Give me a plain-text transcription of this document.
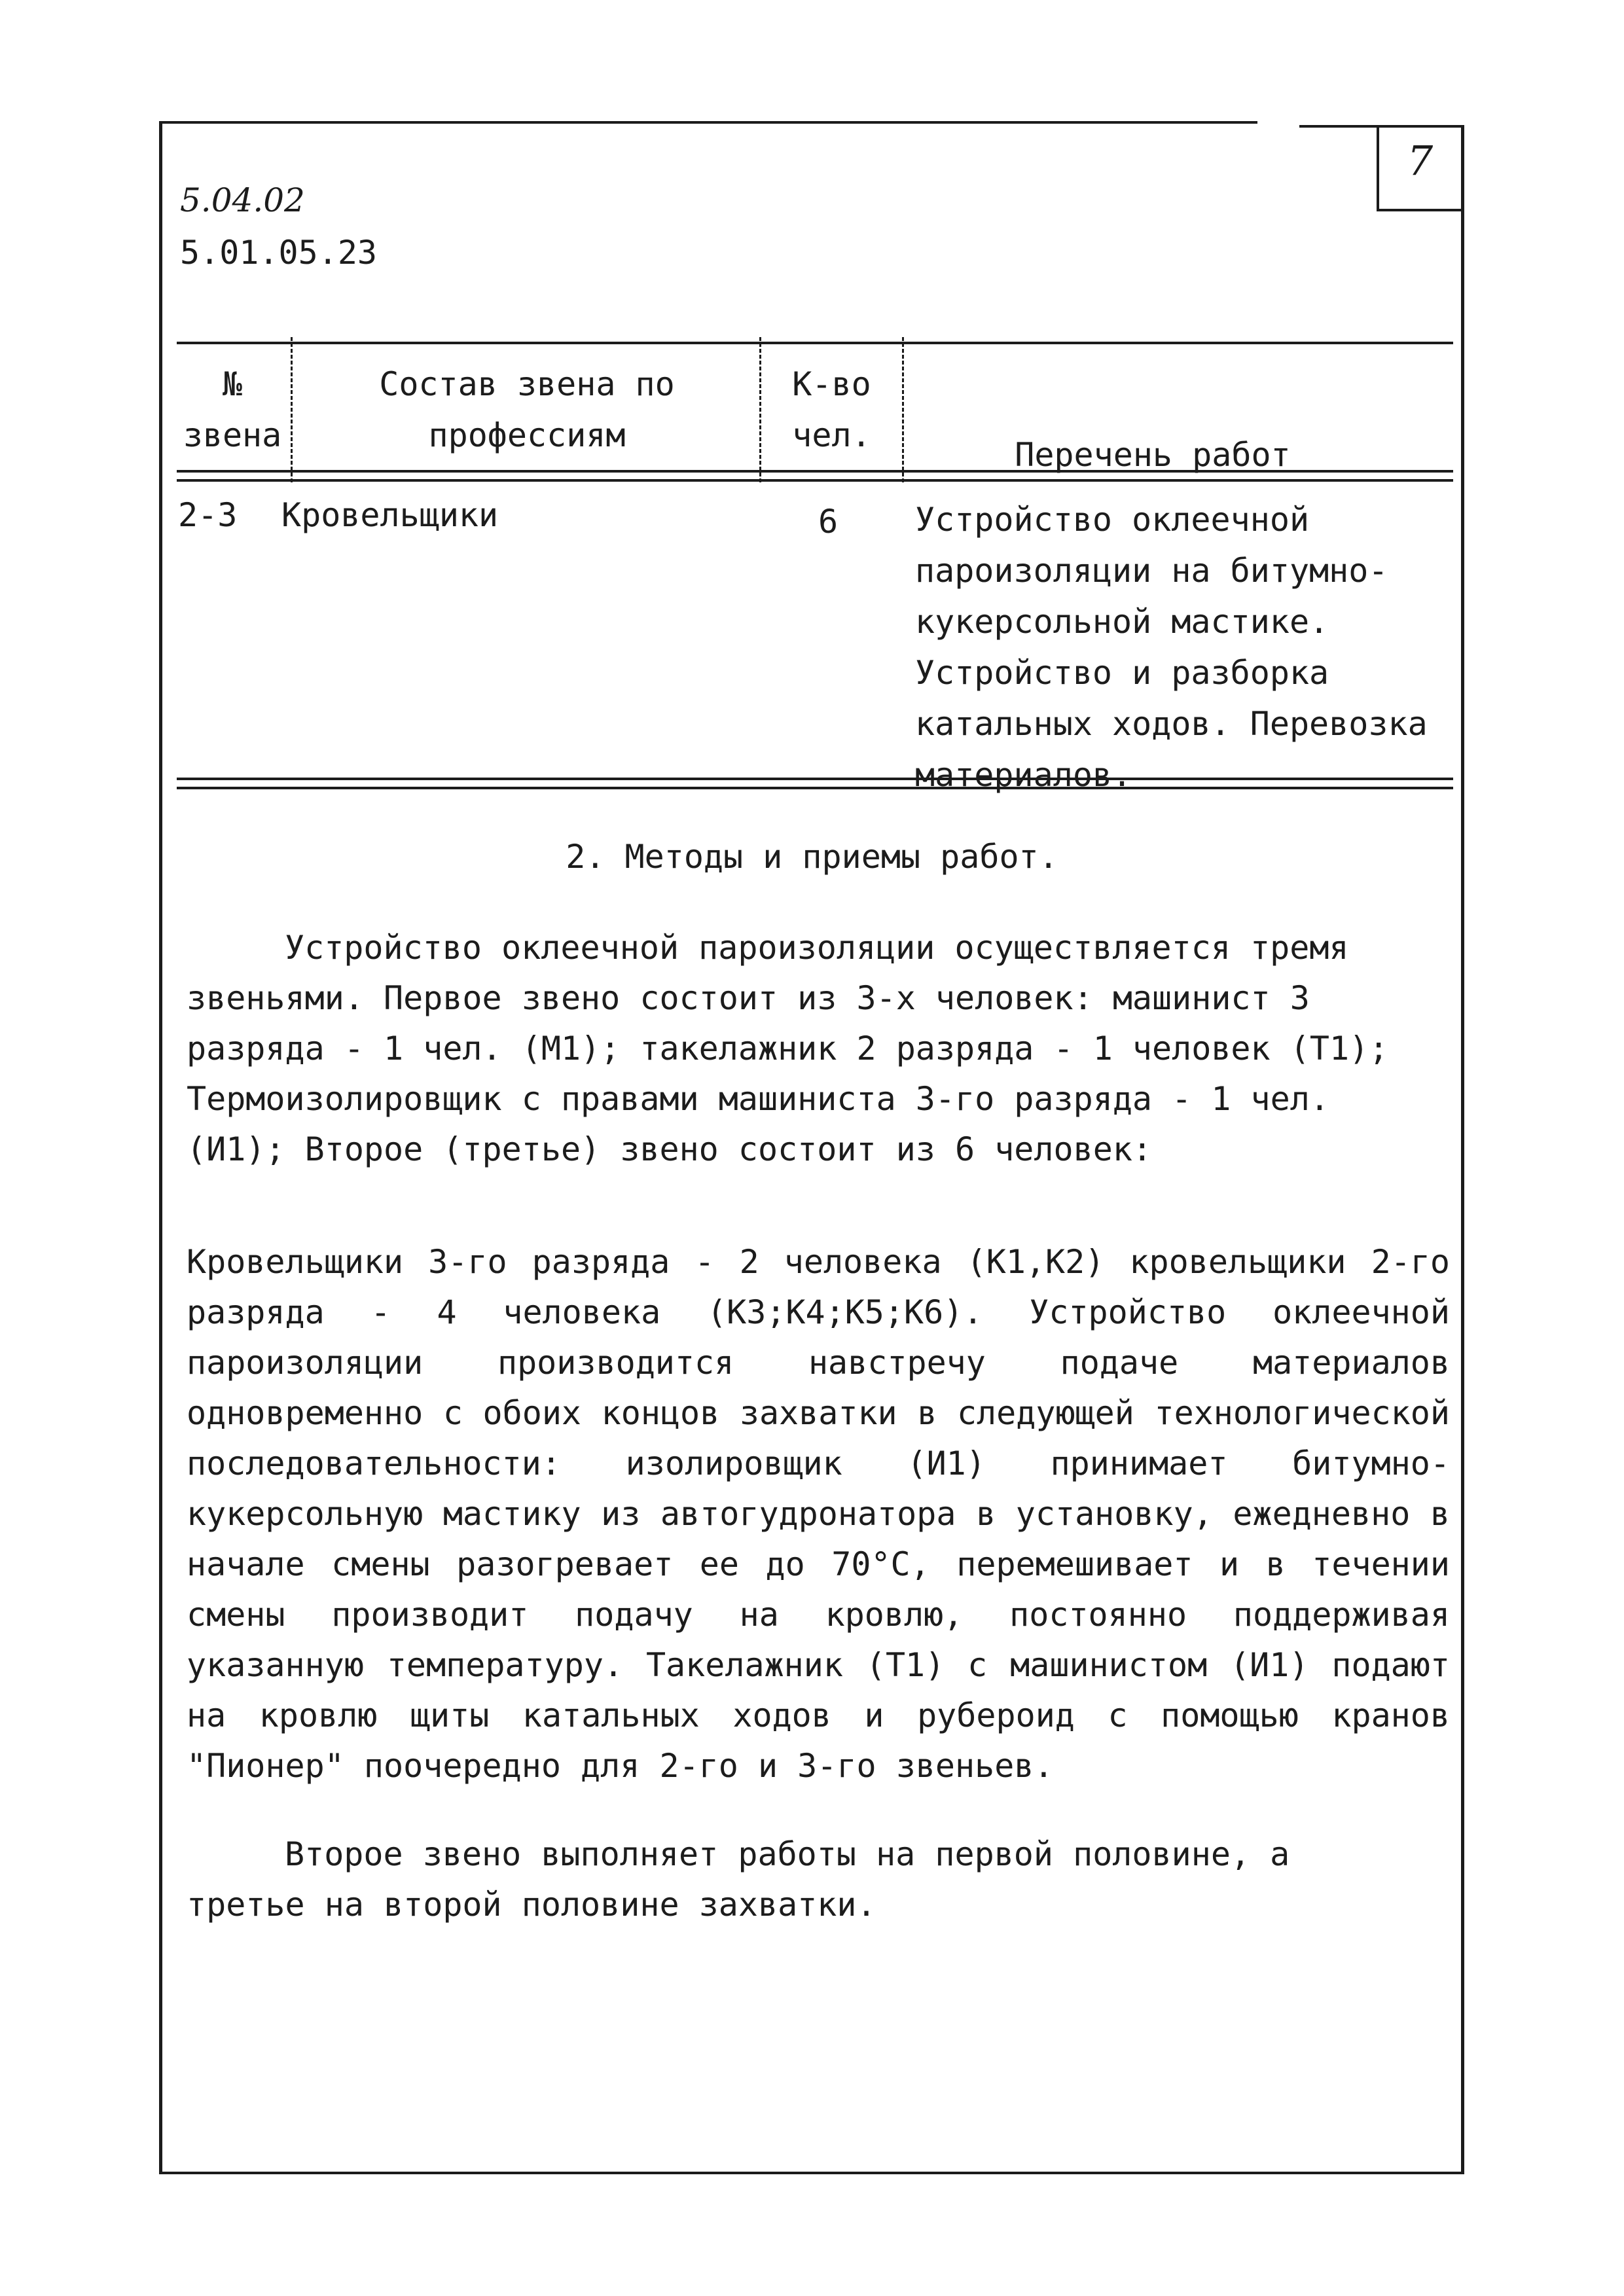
7
5.04.02
5.01.05.23
№ звена
Состав звена по профессиям
К-во чел.

Перечень работ

2-3 Кровельщики	6 Устройство оклеечной пароизоляции на битумно-кукерсольной мастике. Устройство и разборка катальных ходов. Перевозка материалов.
2. Методы и приемы работ.
Устройство оклеечной пароизоляции осуществляется тремя звеньями. Первое звено состоит из 3-х человек: машинист 3 разряда - 1 чел. (М1); такелажник 2 разряда - 1 человек (Т1); Термоизолировщик с правами машиниста 3-го разряда - 1 чел. (И1); Второе (третье) звено состоит из 6 человек:
Кровельщики 3-го разряда - 2 человека (К1,К2) кровельщики 2-го разряда - 4 человека (К3;К4;К5;К6). Устройство оклеечной пароизоляции производится навстречу подаче материалов одновременно с обоих концов захватки в следующей технологической последовательности: изолировщик (И1) принимает битумно-кукерсольную мастику из автогудронатора в установку, ежедневно в начале смены разогревает ее до 70°С, перемешивает и в течении смены производит подачу на кровлю, постоянно поддерживая указанную температуру. Такелажник (Т1) с машинистом (И1) подают на кровлю щиты катальных ходов и рубероид с помощью кранов "Пионер" поочередно для 2-го и 3-го звеньев.
Второе звено выполняет работы на первой половине, а третье на второй половине захватки.
